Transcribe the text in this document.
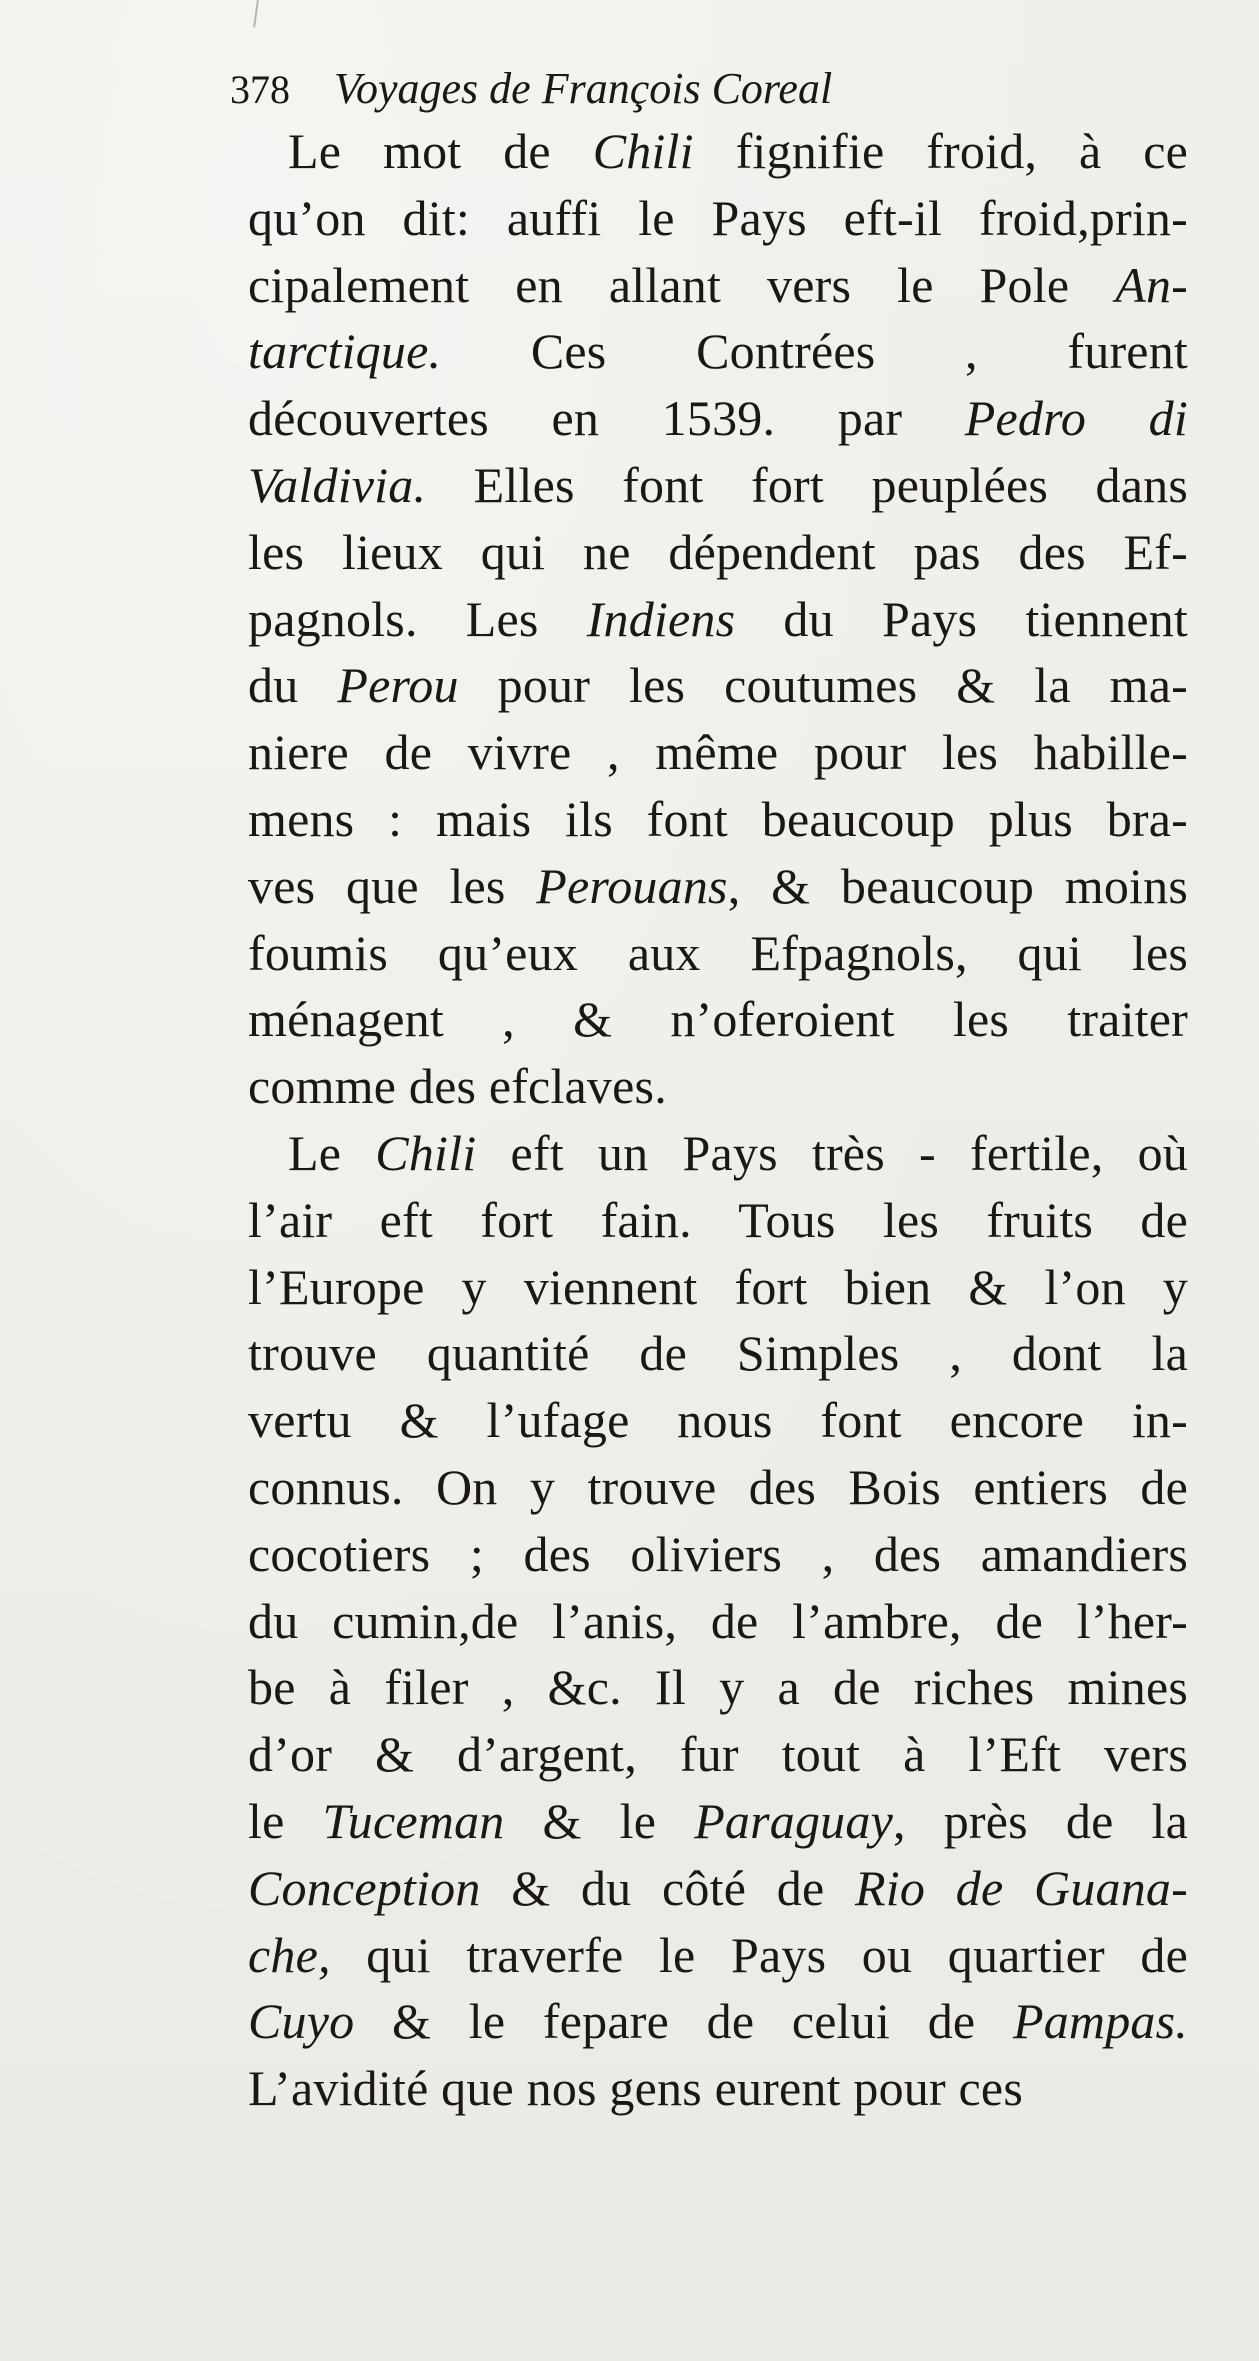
378 Voyages de François Coreal
Le mot de Chili fignifie froid, à ce
qu’on dit: auffi le Pays eft-il froid,prin-
cipalement en allant vers le Pole An-
tarctique. Ces Contrées , furent
découvertes en 1539. par Pedro di
Valdivia. Elles font fort peuplées dans
les lieux qui ne dépendent pas des Ef-
pagnols. Les Indiens du Pays tiennent
du Perou pour les coutumes & la ma-
niere de vivre , même pour les habille-
mens : mais ils font beaucoup plus bra-
ves que les Perouans, & beaucoup moins
foumis qu’eux aux Efpagnols, qui les
ménagent , & n’oferoient les traiter
comme des efclaves.
Le Chili eft un Pays très - fertile, où
l’air eft fort fain. Tous les fruits de
l’Europe y viennent fort bien & l’on y
trouve quantité de Simples , dont la
vertu & l’ufage nous font encore in-
connus. On y trouve des Bois entiers de
cocotiers ; des oliviers , des amandiers
du cumin,de l’anis, de l’ambre, de l’her-
be à filer , &c. Il y a de riches mines
d’or & d’argent, fur tout à l’Eft vers
le Tuceman & le Paraguay, près de la
Conception & du côté de Rio de Guana-
che, qui traverfe le Pays ou quartier de
Cuyo & le fepare de celui de Pampas.
L’avidité que nos gens eurent pour ces
